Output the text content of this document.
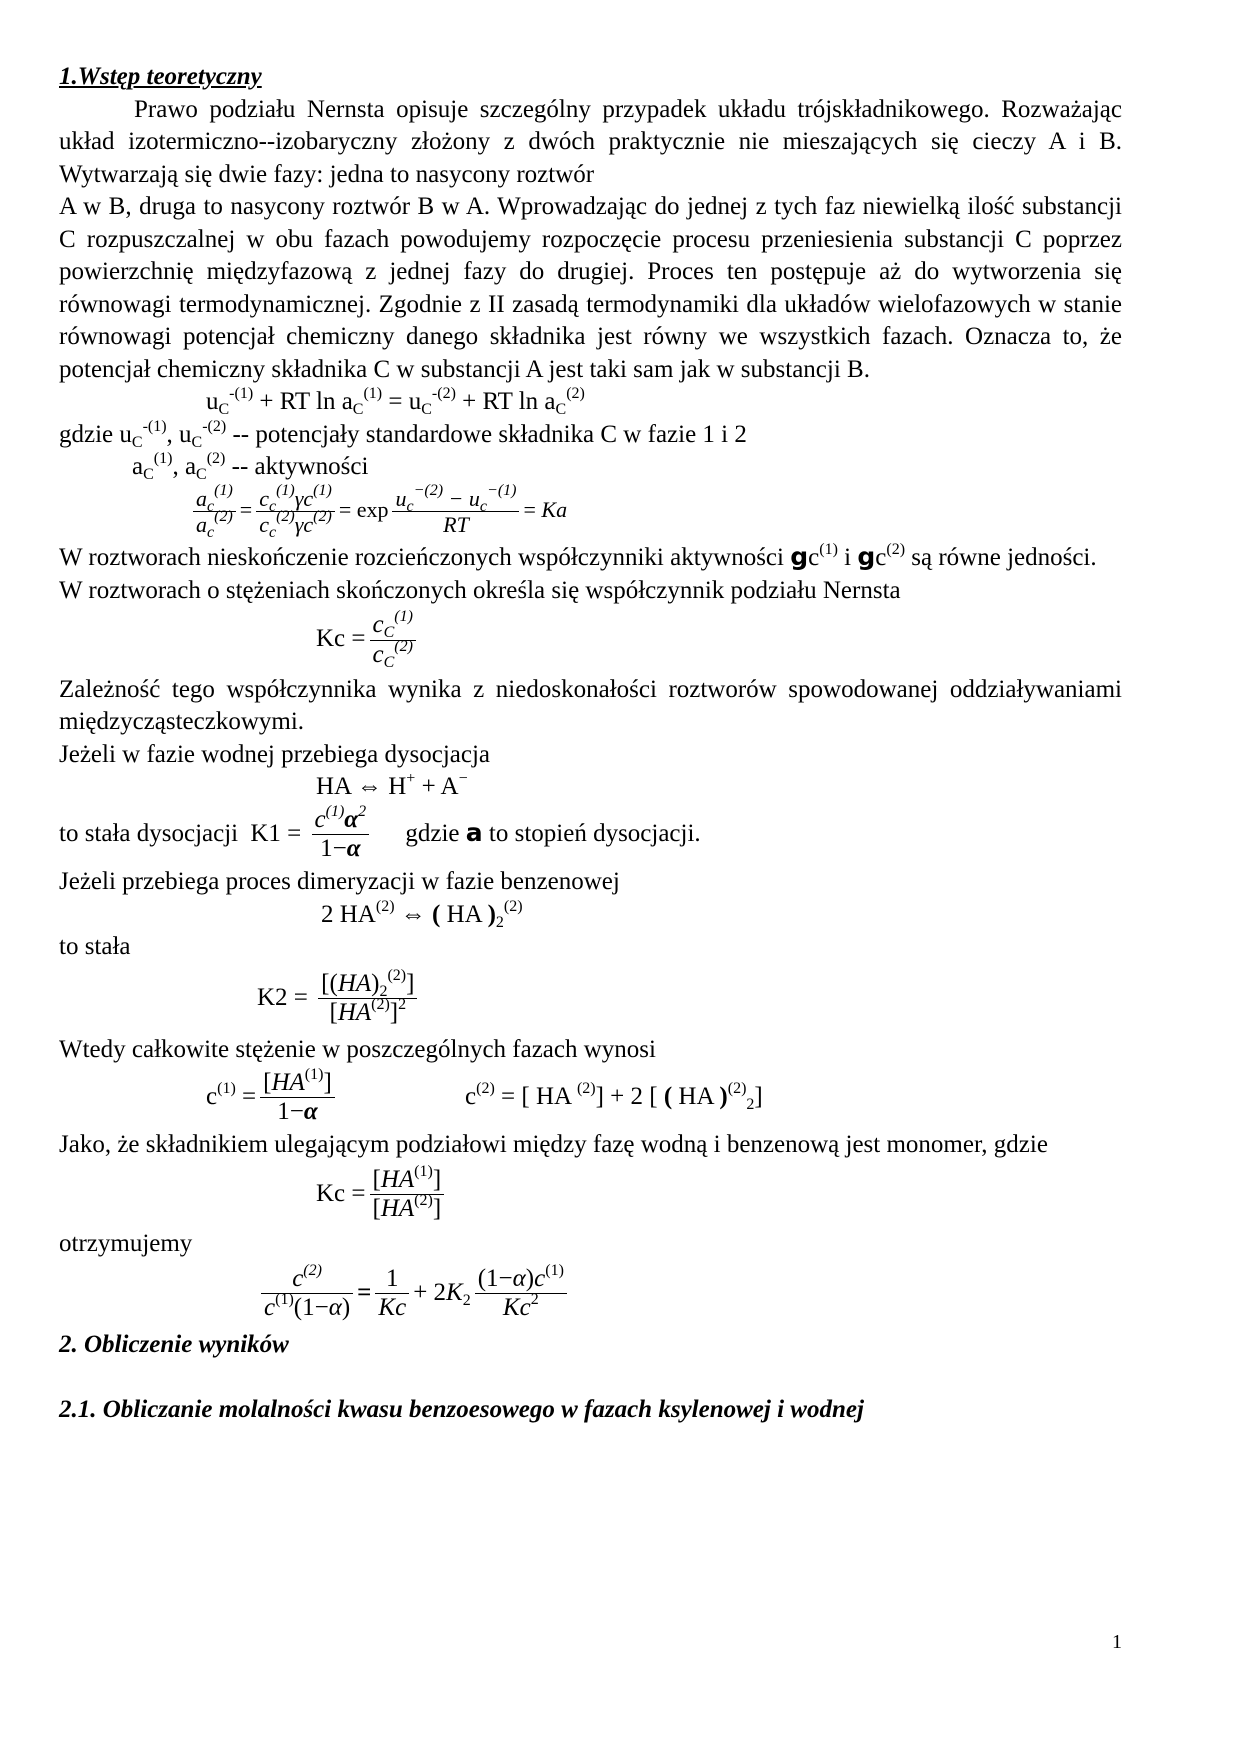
1.Wstęp teoretyczny

Prawo podziału Nernsta opisuje szczególny przypadek układu trójskładnikowego. Rozważając układ izotermiczno--izobaryczny złożony z dwóch praktycznie nie mieszających się cieczy A i B. Wytwarzają się dwie fazy: jedna to nasycony roztwór

A w B, druga to nasycony roztwór B w A. Wprowadzając do jednej z tych faz niewielką ilość substancji C rozpuszczalnej w obu fazach powodujemy rozpoczęcie procesu przeniesienia substancji C poprzez powierzchnię międzyfazową z jednej fazy do drugiej. Proces ten postępuje aż do wytworzenia się równowagi termodynamicznej. Zgodnie z II zasadą termodynamiki dla układów wielofazowych w stanie równowagi potencjał chemiczny danego składnika jest równy we wszystkich fazach. Oznacza to, że potencjał chemiczny składnika C w substancji A jest taki sam jak w substancji B.

$u_C^{-(1)}$ + RT $\ln a_C^{(1)} = u_C^{-(2)}$ + RT $\ln a_C^{(2)}$

gdzie $u_C^{-(1)}$, $u_C^{-(2)}$ -- potencjały standardowe składnika C w fazie 1 i 2

$a_C^{(1)}$, $a_C^{(2)}$ -- aktywności

$\frac{a_c^{(1)}}{a_c^{(2)}} = \frac{c_c^{(1)}\gamma c^{(1)}}{c_c^{(2)}\gamma c^{(2)}} = \exp \frac{u_c^{-(2)} - u_c^{-(1)}}{RT} = Ka$

W roztworach nieskończenie rozcieńczonych współczynniki aktywności $gc^{(1)}$ i $gc^{(2)}$ są równe jedności.

W roztworach o stężeniach skończonych określa się współczynnik podziału Nernsta

$Kc = \frac{c_C^{(1)}}{c_C^{(2)}}$

Zależność tego współczynnika wynika z niedoskonałości roztworów spowodowanej oddziaływaniami międzycząsteczkowymi.

Jeżeli w fazie wodnej przebiega dysocjacja

HA ⇔ H+ + A−

to stała dysocjacji $K1 = \frac{c^{(1)}\alpha^2}{1-\alpha}$ gdzie a to stopień dysocjacji.

Jeżeli przebiega proces dimeryzacji w fazie benzenowej

2 HA$^{(2)}$ ⇔ ( HA )$_2^{(2)}$

to stała

$K2 = \frac{[(HA)_2^{(2)}]}{[HA^{(2)}]^2}$

Wtedy całkowite stężenie w poszczególnych fazach wynosi

$c^{(1)} = \frac{[HA^{(1)}]}{1-\alpha}$	$c^{(2)}$ = [ HA $^{(2)}$] + 2 [ ( HA )$^{(2)}_2$]

Jako, że składnikiem ulegającym podziałowi między fazę wodną i benzenową jest monomer, gdzie

$Kc = \frac{[HA^{(1)}]}{[HA^{(2)}]}$

otrzymujemy

$\frac{c^{(2)}}{c^{(1)}(1-\alpha)} = \frac{1}{Kc} + 2K_2 \frac{(1-\alpha)c^{(1)}}{Kc^2}$

2. Obliczenie wyników

2.1. Obliczanie molalności kwasu benzoesowego w fazach ksylenowej i wodnej

1
